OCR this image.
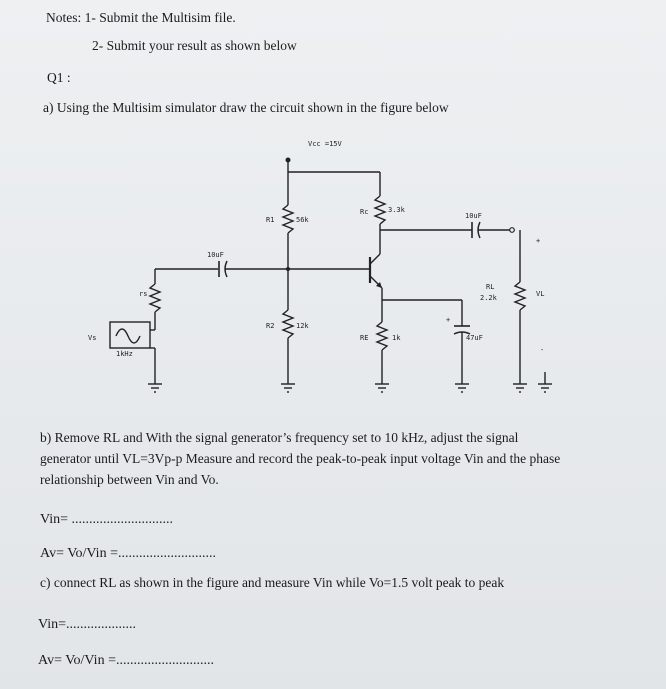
Notes: 1- Submit the Multisim file.
2- Submit your result as shown below
Q1 :
a) Using the Multisim simulator draw the circuit shown in the figure below
Vcc =15V
R1	56k
Rc	3.3k
10uF
+
10uF
rs
Vs
1kHz
R2	12k
RE	1k
+
47uF
RL
2.2k	VL
-
b) Remove RL and With the signal generator’s frequency set to 10 kHz, adjust the signal
generator until VL=3Vp-p Measure and record the peak-to-peak input voltage Vin and the phase
relationship between Vin and Vo.
Vin= .............................
Av= Vo/Vin =............................
c) connect RL as shown in the figure and measure Vin while Vo=1.5 volt peak to peak
Vin=....................
Av= Vo/Vin =............................
